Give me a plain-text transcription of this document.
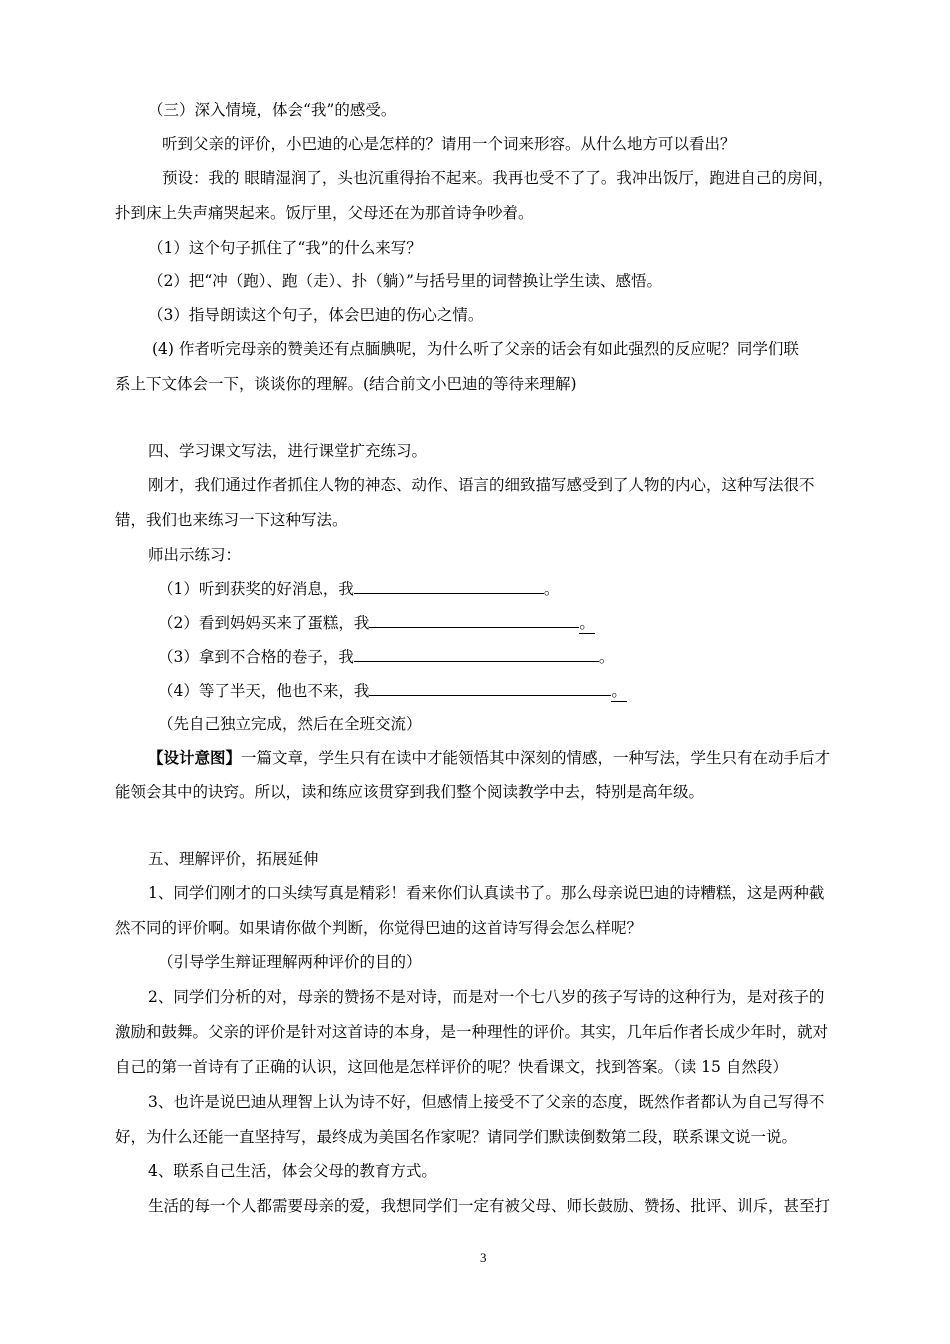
（三）深入情境，体会“我”的感受。
听到父亲的评价，小巴迪的心是怎样的？请用一个词来形容。从什么地方可以看出？
预设：我的 眼睛湿润了，头也沉重得抬不起来。我再也受不了了。我冲出饭厅，跑进自己的房间，
扑到床上失声痛哭起来。饭厅里，父母还在为那首诗争吵着。
（1）这个句子抓住了“我”的什么来写？
（2）把“冲（跑）、跑（走）、扑（躺）”与括号里的词替换让学生读、感悟。
（3）指导朗读这个句子，体会巴迪的伤心之情。
(4) 作者听完母亲的赞美还有点腼腆呢，为什么听了父亲的话会有如此强烈的反应呢？同学们联
系上下文体会一下，谈谈你的理解。(结合前文小巴迪的等待来理解)
四、学习课文写法，进行课堂扩充练习。
刚才，我们通过作者抓住人物的神态、动作、语言的细致描写感受到了人物的内心，这种写法很不
错，我们也来练习一下这种写法。
师出示练习：
（1）听到获奖的好消息，我	。
（2）看到妈妈买来了蛋糕，我	。
（3）拿到不合格的卷子，我	。
（4）等了半天，他也不来，我	。
（先自己独立完成，然后在全班交流）
【设计意图】一篇文章，学生只有在读中才能领悟其中深刻的情感，一种写法，学生只有在动手后才
能领会其中的诀窍。所以，读和练应该贯穿到我们整个阅读教学中去，特别是高年级。
五、理解评价，拓展延伸
1、同学们刚才的口头续写真是精彩！看来你们认真读书了。那么母亲说巴迪的诗糟糕，这是两种截
然不同的评价啊。如果请你做个判断，你觉得巴迪的这首诗写得会怎么样呢？
（引导学生辩证理解两种评价的目的）
2、同学们分析的对，母亲的赞扬不是对诗，而是对一个七八岁的孩子写诗的这种行为，是对孩子的
激励和鼓舞。父亲的评价是针对这首诗的本身，是一种理性的评价。其实，几年后作者长成少年时，就对
自己的第一首诗有了正确的认识，这回他是怎样评价的呢？快看课文，找到答案。（读 15 自然段）
3、也许是说巴迪从理智上认为诗不好，但感情上接受不了父亲的态度，既然作者都认为自己写得不
好，为什么还能一直坚持写，最终成为美国名作家呢？请同学们默读倒数第二段，联系课文说一说。
4、联系自己生活，体会父母的教育方式。
生活的每一个人都需要母亲的爱，我想同学们一定有被父母、师长鼓励、赞扬、批评、训斥，甚至打
3
